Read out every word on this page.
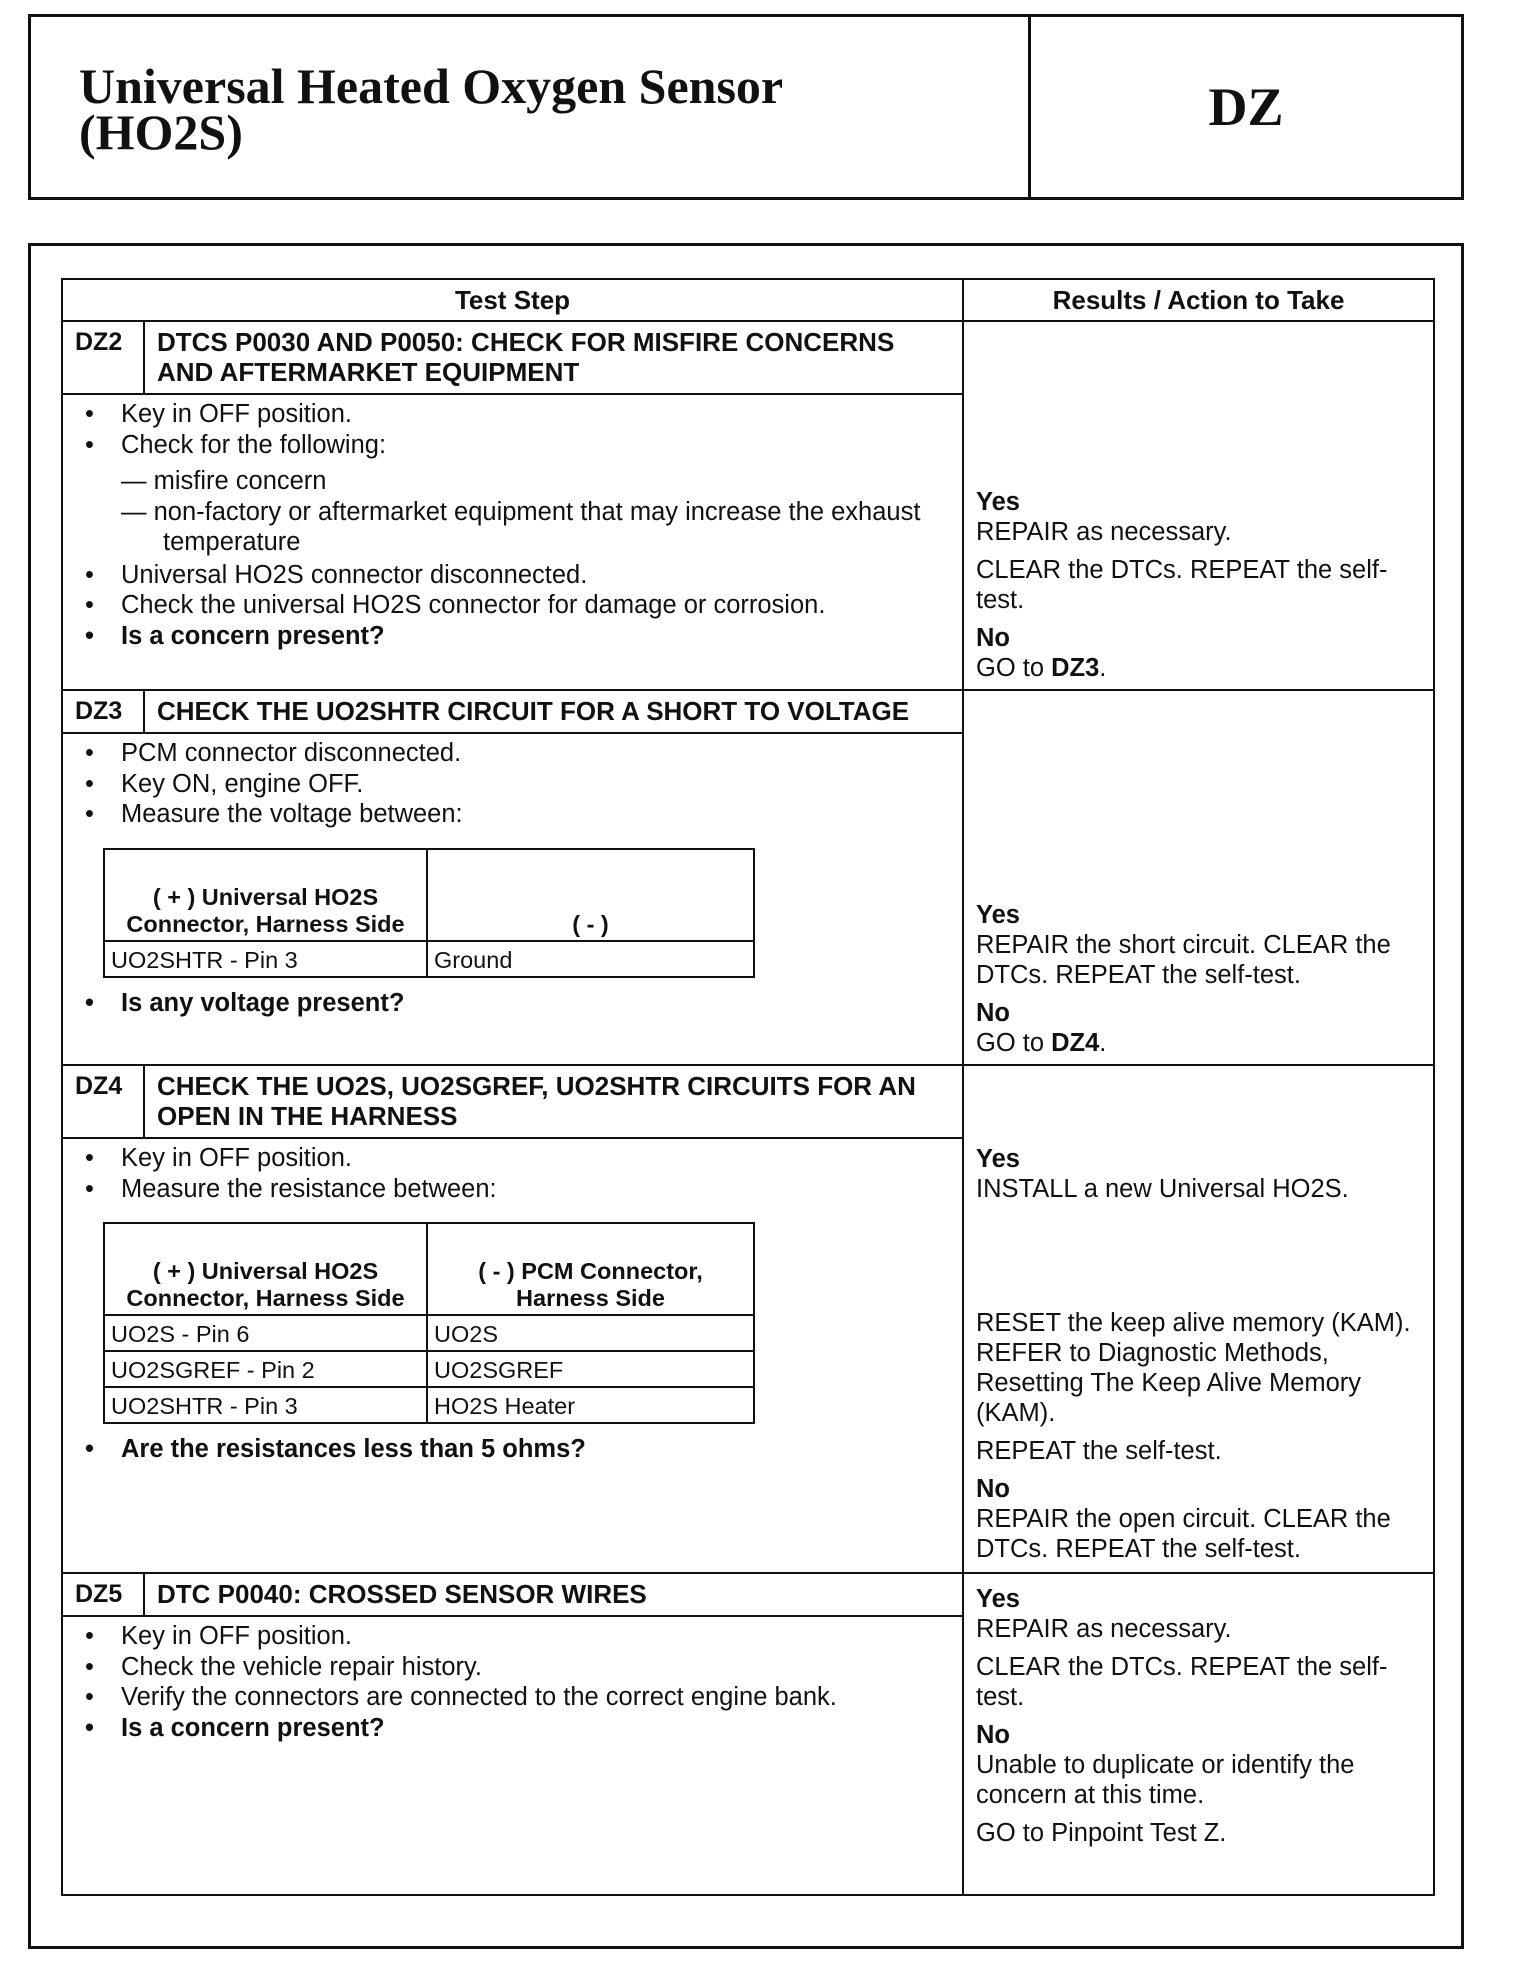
Universal Heated Oxygen Sensor
(HO2S)	DZ
Test Step	Results / Action to Take

DZ2	DTCS P0030 AND P0050: CHECK FOR MISFIRE CONCERNS AND AFTERMARKET EQUIPMENT
• Key in OFF position.
• Check for the following:
— misfire concern
— non-factory or aftermarket equipment that may increase the exhaust temperature
• Universal HO2S connector disconnected.
• Check the universal HO2S connector for damage or corrosion.
• Is a concern present?

Yes

REPAIR as necessary.

CLEAR the DTCs. REPEAT the self-test.

No

GO to DZ3.

DZ3	CHECK THE UO2SHTR CIRCUIT FOR A SHORT TO VOLTAGE
• PCM connector disconnected.
• Key ON, engine OFF.
• Measure the voltage between:
( + ) Universal HO2S Connector, Harness Side	( - )
UO2SHTR - Pin 3	Ground
• Is any voltage present?

Yes

REPAIR the short circuit. CLEAR the DTCs. REPEAT the self-test.

No

GO to DZ4.

DZ4	CHECK THE UO2S, UO2SGREF, UO2SHTR CIRCUITS FOR AN OPEN IN THE HARNESS
• Key in OFF position.
• Measure the resistance between:
( + ) Universal HO2S Connector, Harness Side	( - ) PCM Connector, Harness Side
UO2S - Pin 6	UO2S
UO2SGREF - Pin 2	UO2SGREF
UO2SHTR - Pin 3	HO2S Heater
• Are the resistances less than 5 ohms?

Yes

INSTALL a new Universal HO2S.

RESET the keep alive memory (KAM). REFER to Diagnostic Methods, Resetting The Keep Alive Memory (KAM).

REPEAT the self-test.

No

REPAIR the open circuit. CLEAR the DTCs. REPEAT the self-test.

DZ5	DTC P0040: CROSSED SENSOR WIRES
• Key in OFF position.
• Check the vehicle repair history.
• Verify the connectors are connected to the correct engine bank.
• Is a concern present?

Yes

REPAIR as necessary.

CLEAR the DTCs. REPEAT the self-test.

No

Unable to duplicate or identify the concern at this time.

GO to Pinpoint Test Z.
